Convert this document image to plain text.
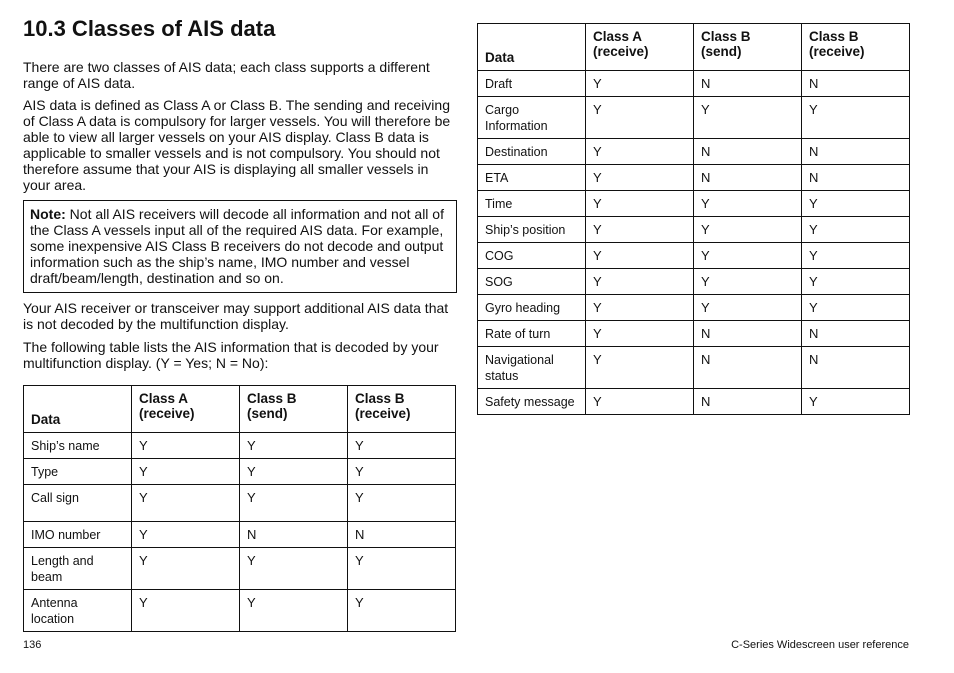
10.3 Classes of AIS data

There are two classes of AIS data; each class supports a different range of AIS data.

AIS data is defined as Class A or Class B. The sending and receiving of Class A data is compulsory for larger vessels. You will therefore be able to view all larger vessels on your AIS display. Class B data is applicable to smaller vessels and is not compulsory. You should not therefore assume that your AIS is displaying all smaller vessels in your area.

Note: Not all AIS receivers will decode all information and not all of the Class A vessels input all of the required AIS data. For example, some inexpensive AIS Class B receivers do not decode and output information such as the ship’s name, IMO number and vessel draft/beam/length, destination and so on.

Your AIS receiver or transceiver may support additional AIS data that is not decoded by the multifunction display.

The following table lists the AIS information that is decoded by your multifunction display. (Y = Yes; N = No):

Data	Class A (receive)	Class B (send)	Class B (receive)
Ship’s name	Y	Y	Y
Type	Y	Y	Y
Call sign	Y	Y	Y
IMO number	Y	N	N
Length and beam	Y	Y	Y
Antenna location	Y	Y	Y
Data	Class A (receive)	Class B (send)	Class B (receive)
Draft	Y	N	N
Cargo Information	Y	Y	Y
Destination	Y	N	N
ETA	Y	N	N
Time	Y	Y	Y
Ship’s position	Y	Y	Y
COG	Y	Y	Y
SOG	Y	Y	Y
Gyro heading	Y	Y	Y
Rate of turn	Y	N	N
Navigational status	Y	N	N
Safety message	Y	N	Y
136	C-Series Widescreen user reference
